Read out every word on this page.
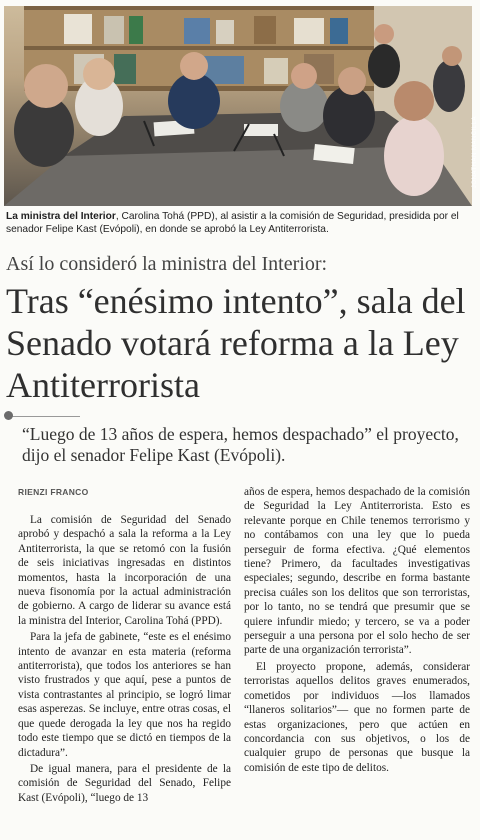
JONATHAN MANCILLA
La ministra del Interior, Carolina Tohá (PPD), al asistir a la comisión de Seguridad, presidida por el senador Felipe Kast (Evópoli), en donde se aprobó la Ley Antiterrorista.
Así lo consideró la ministra del Interior:
Tras “enésimo intento”, sala del Senado votará reforma a la Ley Antiterrorista
“Luego de 13 años de espera, hemos despachado” el proyecto, dijo el senador Felipe Kast (Evópoli).
RIENZI FRANCO

La comisión de Seguridad del Senado aprobó y despachó a sala la reforma a la Ley Antiterrorista, la que se retomó con la fusión de seis iniciativas ingresadas en distintos momentos, hasta la incorporación de una nueva fisonomía por la actual administración de gobierno. A cargo de liderar su avance está la ministra del Interior, Carolina Tohá (PPD).

Para la jefa de gabinete, “este es el enésimo intento de avanzar en esta materia (reforma antiterrorista), que todos los anteriores se han visto frustrados y que aquí, pese a puntos de vista contrastantes al principio, se logró limar esas asperezas. Se incluye, entre otras cosas, el que quede derogada la ley que nos ha regido todo este tiempo que se dictó en tiempos de la dictadura”.

De igual manera, para el presidente de la comisión de Seguridad del Senado, Felipe Kast (Evópoli), “luego de 13

años de espera, hemos despachado de la comisión de Seguridad la Ley Antiterrorista. Esto es relevante porque en Chile tenemos terrorismo y no contábamos con una ley que lo pueda perseguir de forma efectiva. ¿Qué elementos tiene? Primero, da facultades investigativas especiales; segundo, describe en forma bastante precisa cuáles son los delitos que son terroristas, por lo tanto, no se tendrá que presumir que se quiere infundir miedo; y tercero, se va a poder perseguir a una persona por el solo hecho de ser parte de una organización terrorista”.

El proyecto propone, además, considerar terroristas aquellos delitos graves enumerados, cometidos por individuos —los llamados “llaneros solitarios”— que no formen parte de estas organizaciones, pero que actúen en concordancia con sus objetivos, o los de cualquier grupo de personas que busque la comisión de este tipo de delitos.
